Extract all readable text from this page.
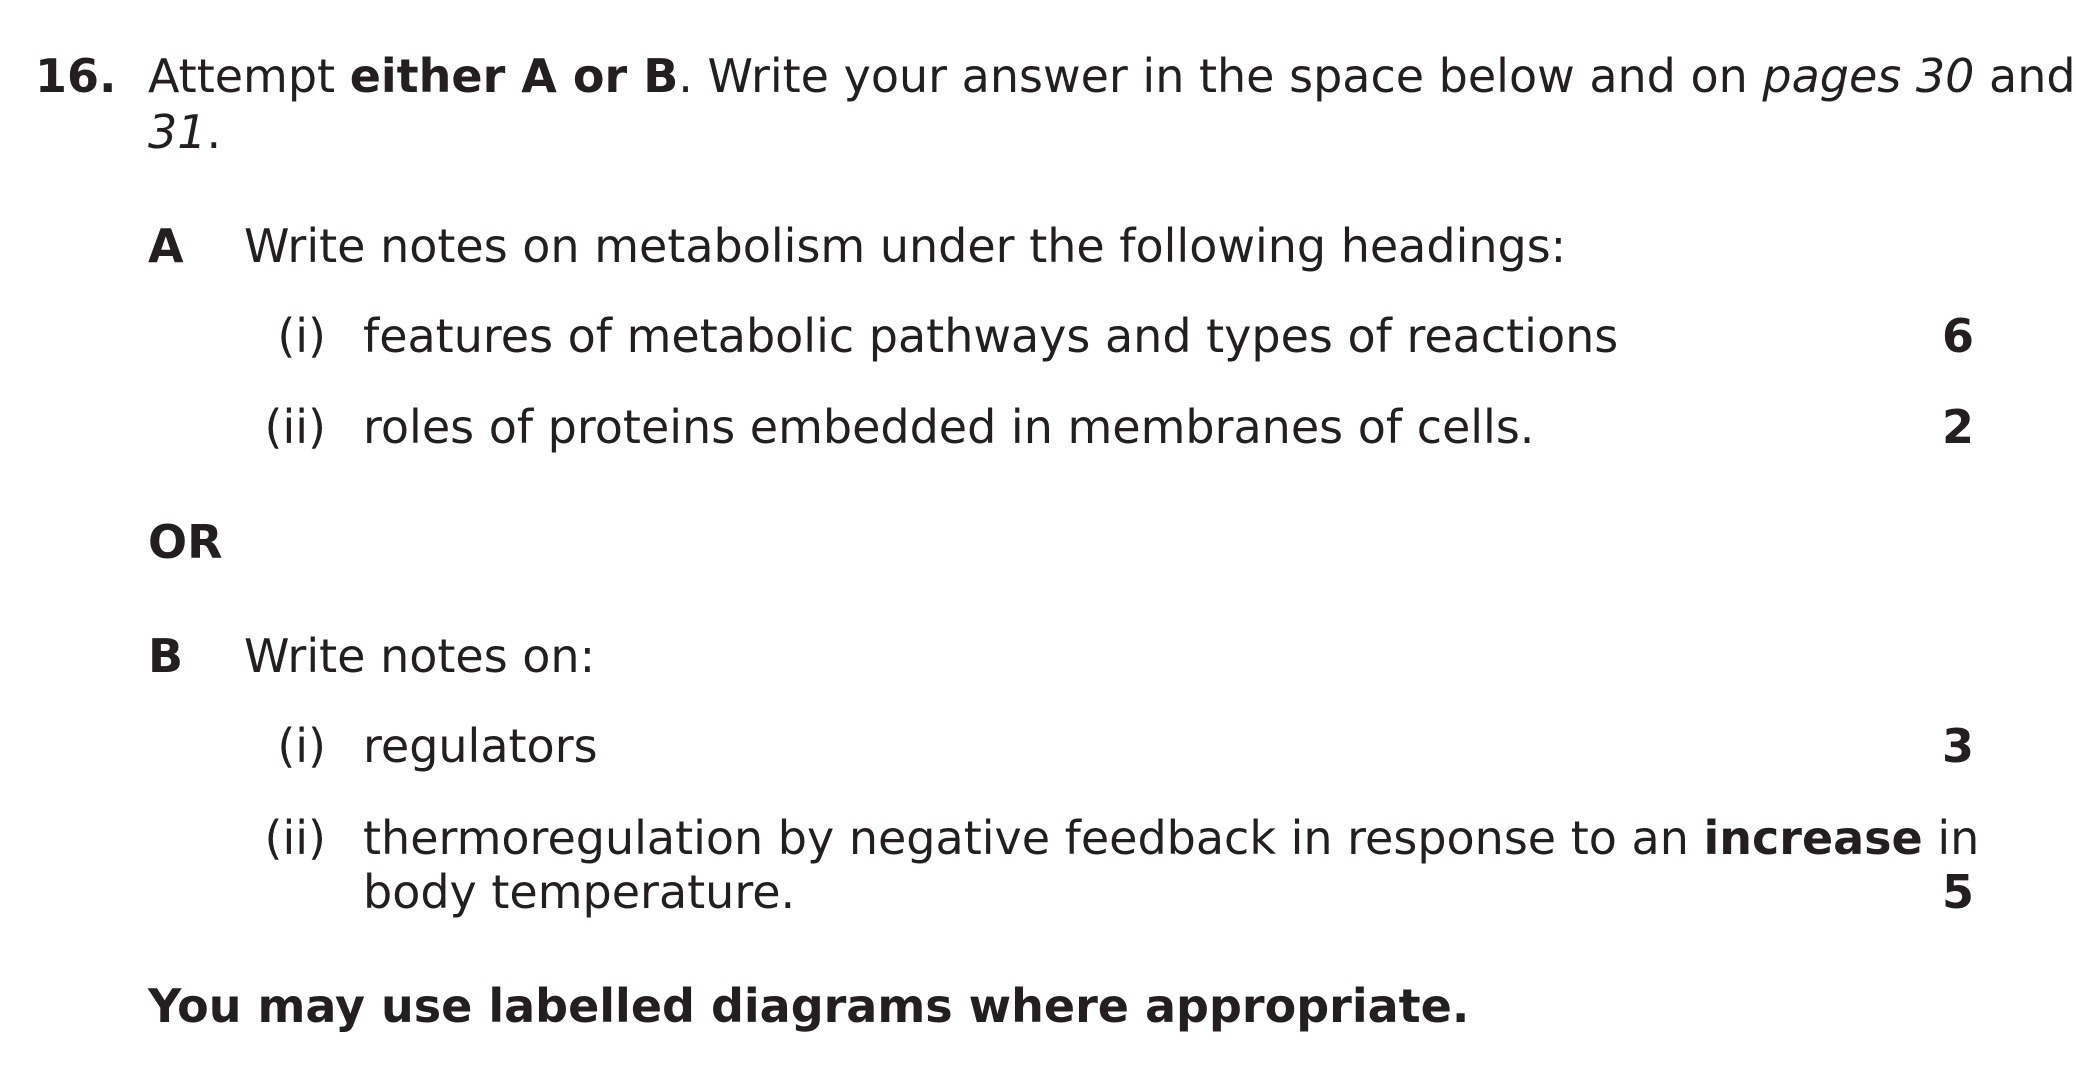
16. Attempt either A or B. Write your answer in the space below and on pages 30 and
31.
A Write notes on metabolism under the following headings:
(i) features of metabolic pathways and types of reactions	6
(ii) roles of proteins embedded in membranes of cells.	2
OR
B Write notes on:
(i) regulators	3
(ii) thermoregulation by negative feedback in response to an increase in
body temperature.	5
You may use labelled diagrams where appropriate.
